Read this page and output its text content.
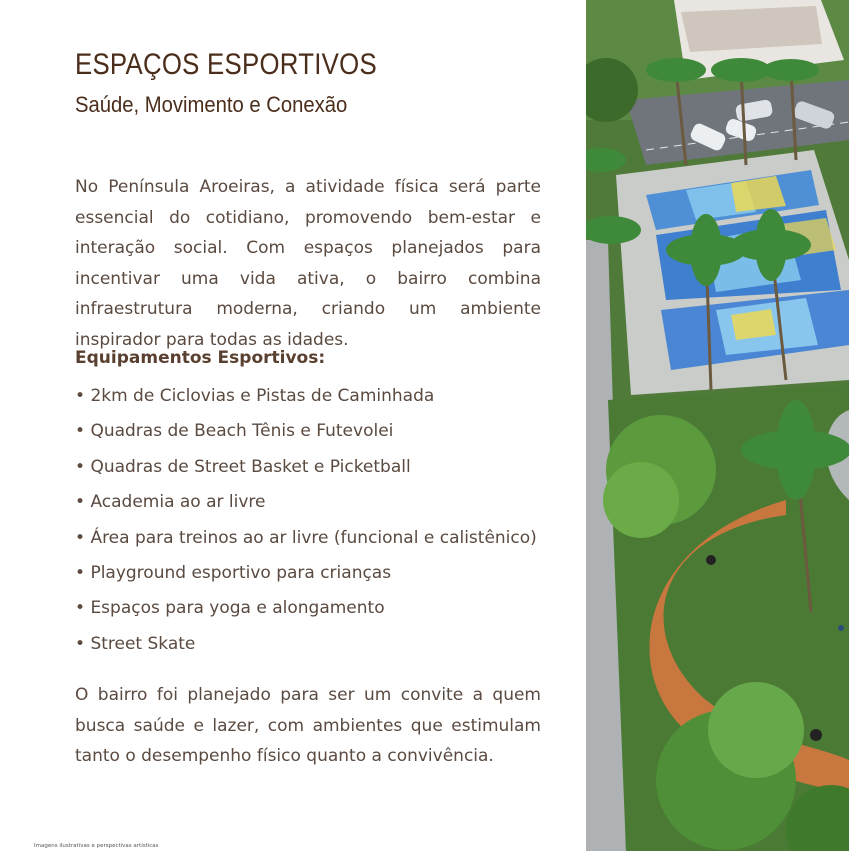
ESPAÇOS ESPORTIVOS
Saúde, Movimento e Conexão

No Península Aroeiras, a atividade física será parte essencial do cotidiano, promovendo bem-estar e interação social. Com espaços planejados para incentivar uma vida ativa, o bairro combina infraestrutura moderna, criando um ambiente inspirador para todas as idades.

Equipamentos Esportivos:
• 2km de Ciclovias e Pistas de Caminhada
• Quadras de Beach Tênis e Futevolei
• Quadras de Street Basket e Picketball
• Academia ao ar livre
• Área para treinos ao ar livre (funcional e calistênico)
• Playground esportivo para crianças
• Espaços para yoga e alongamento
• Street Skate

O bairro foi planejado para ser um convite a quem busca saúde e lazer, com ambientes que estimulam tanto o desempenho físico quanto a convivência.

Imagens ilustrativas e perspectivas artísticas
